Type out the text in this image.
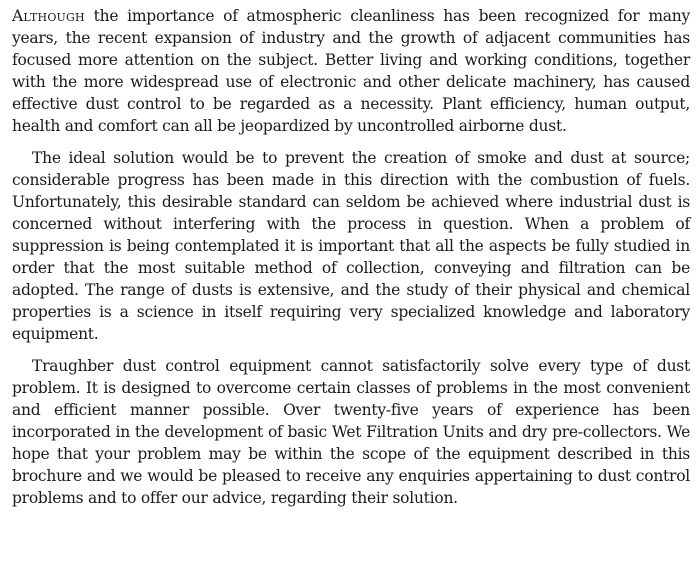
Although the importance of atmospheric cleanliness has been recognized for many years, the recent expansion of industry and the growth of adjacent communities has focused more attention on the subject. Better living and working conditions, together with the more widespread use of electronic and other delicate machinery, has caused effective dust control to be regarded as a necessity. Plant efficiency, human output, health and comfort can all be jeopardized by uncontrolled airborne dust.

The ideal solution would be to prevent the creation of smoke and dust at source; considerable progress has been made in this direction with the combustion of fuels. Unfortunately, this desirable standard can seldom be achieved where industrial dust is concerned without interfering with the process in question. When a problem of suppression is being contemplated it is important that all the aspects be fully studied in order that the most suitable method of collection, conveying and filtration can be adopted. The range of dusts is extensive, and the study of their physical and chemical properties is a science in itself requiring very specialized knowledge and laboratory equipment.

Traughber dust control equipment cannot satisfactorily solve every type of dust problem. It is designed to overcome certain classes of problems in the most convenient and efficient manner possible. Over twenty-five years of experience has been incorporated in the development of basic Wet Filtration Units and dry pre-collectors. We hope that your problem may be within the scope of the equipment described in this brochure and we would be pleased to receive any enquiries appertaining to dust control problems and to offer our advice, regarding their solution.
